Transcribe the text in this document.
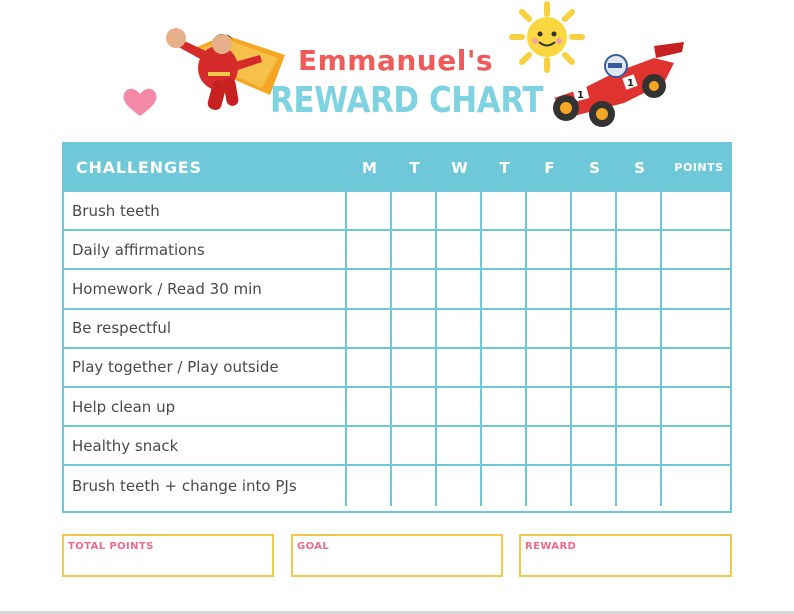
1
1
Emmanuel's
REWARD CHART
CHALLENGES	M	T	W	T	F	S	S	POINTS
Brush teeth
Daily affirmations
Homework / Read 30 min
Be respectful
Play together / Play outside
Help clean up
Healthy snack
Brush teeth + change into PJs
TOTAL POINTS	GOAL	REWARD
